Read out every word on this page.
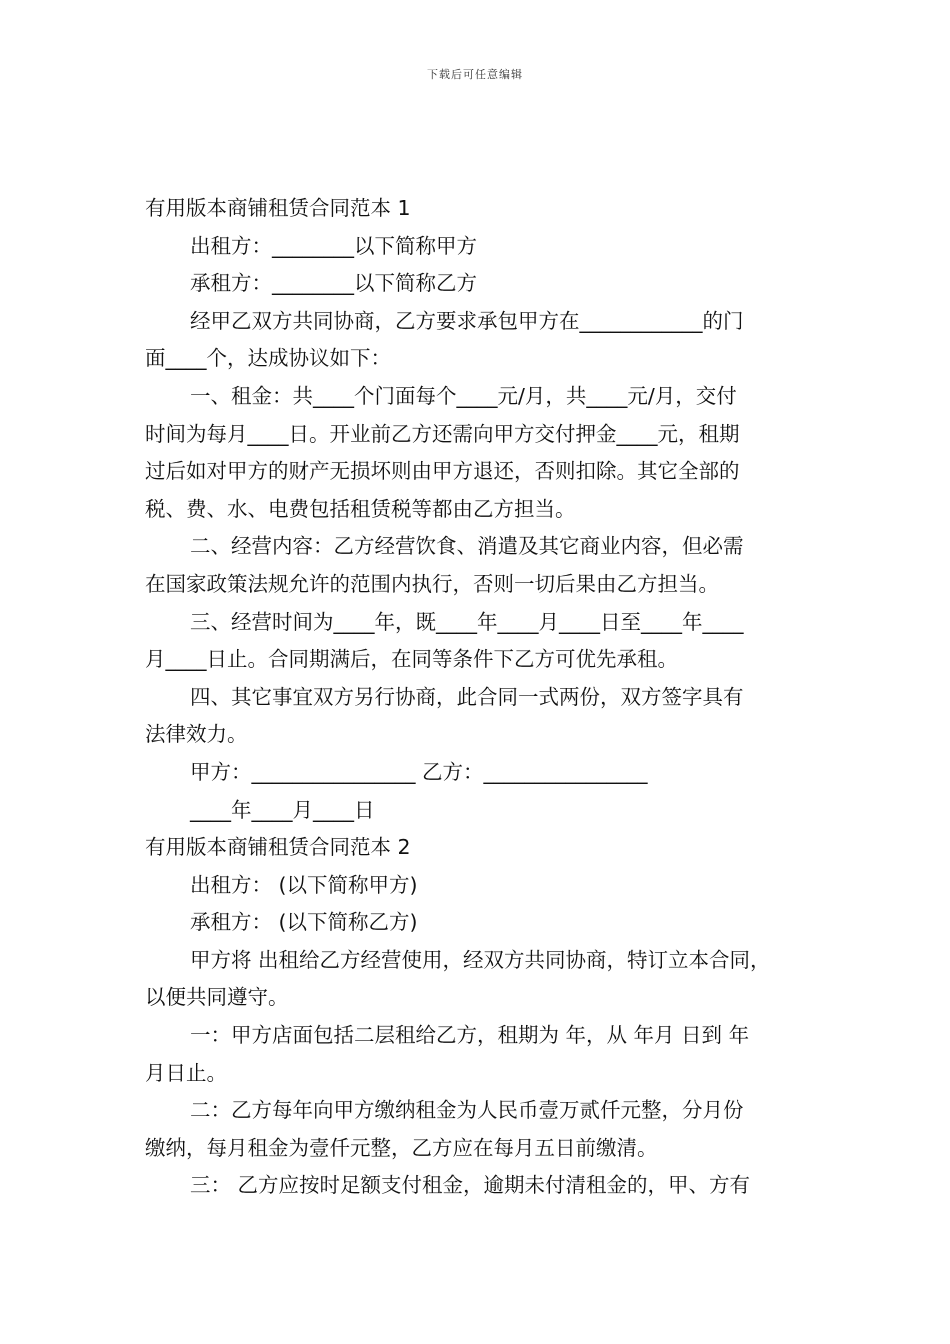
下载后可任意编辑

有用版本商铺租赁合同范本 1

出租方：________以下简称甲方

承租方：________以下简称乙方

经甲乙双方共同协商，乙方要求承包甲方在____________的门

面____个，达成协议如下：

一、租金：共____个门面每个____元/月，共____元/月，交付

时间为每月____日。开业前乙方还需向甲方交付押金____元，租期

过后如对甲方的财产无损坏则由甲方退还，否则扣除。其它全部的

税、费、水、电费包括租赁税等都由乙方担当。

二、经营内容：乙方经营饮食、消遣及其它商业内容，但必需

在国家政策法规允许的范围内执行，否则一切后果由乙方担当。

三、经营时间为____年，既____年____月____日至____年____

月____日止。合同期满后，在同等条件下乙方可优先承租。

四、其它事宜双方另行协商，此合同一式两份，双方签字具有

法律效力。

甲方：________________ 乙方：________________

____年____月____日

有用版本商铺租赁合同范本 2

出租方： (以下简称甲方)

承租方： (以下简称乙方)

甲方将 出租给乙方经营使用，经双方共同协商，特订立本合同，

以便共同遵守。

一：甲方店面包括二层租给乙方，租期为 年，从 年月 日到 年

月日止。

二：乙方每年向甲方缴纳租金为人民币壹万贰仟元整，分月份

缴纳，每月租金为壹仟元整，乙方应在每月五日前缴清。

三： 乙方应按时足额支付租金，逾期未付清租金的，甲、方有
